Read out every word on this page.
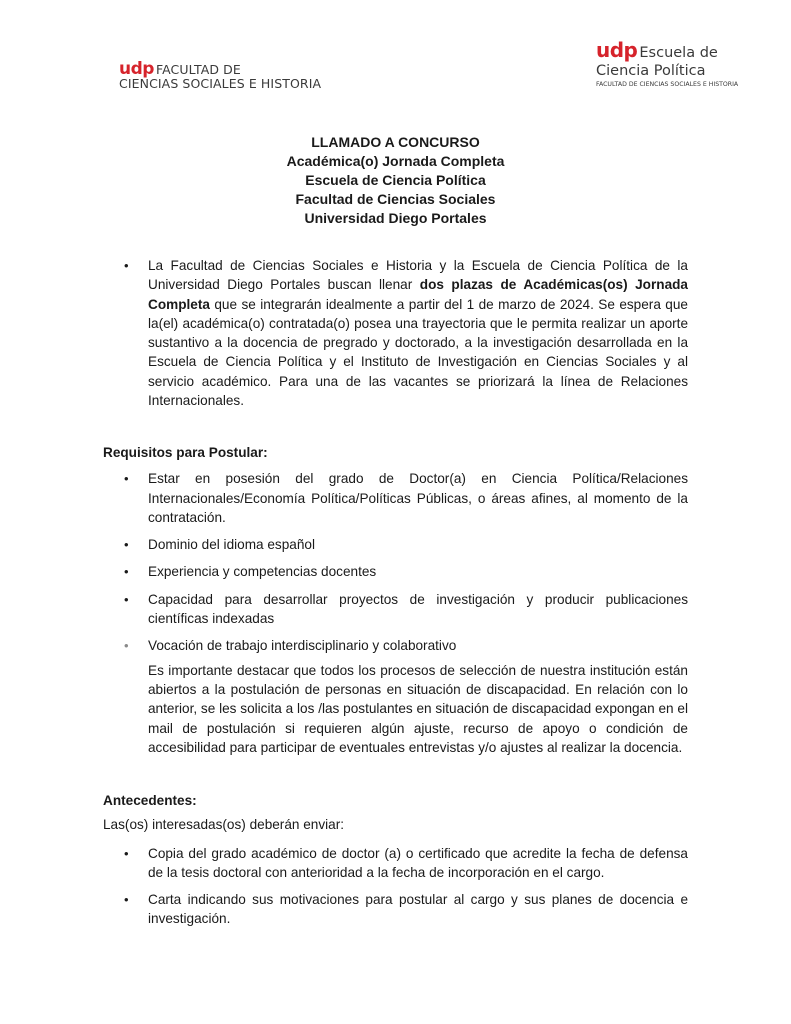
udp FACULTAD DE
CIENCIAS SOCIALES E HISTORIA
udp Escuela de
Ciencia Política
FACULTAD DE CIENCIAS SOCIALES E HISTORIA
LLAMADO A CONCURSO
Académica(o) Jornada Completa
Escuela de Ciencia Política
Facultad de Ciencias Sociales
Universidad Diego Portales
• La Facultad de Ciencias Sociales e Historia y la Escuela de Ciencia Política de la Universidad Diego Portales buscan llenar dos plazas de Académicas(os) Jornada Completa que se integrarán idealmente a partir del 1 de marzo de 2024. Se espera que la(el) académica(o) contratada(o) posea una trayectoria que le permita realizar un aporte sustantivo a la docencia de pregrado y doctorado, a la investigación desarrollada en la Escuela de Ciencia Política y el Instituto de Investigación en Ciencias Sociales y al servicio académico. Para una de las vacantes se priorizará la línea de Relaciones Internacionales.
Requisitos para Postular:
• Estar en posesión del grado de Doctor(a) en Ciencia Política/Relaciones Internacionales/Economía Política/Políticas Públicas, o áreas afines, al momento de la contratación.
• Dominio del idioma español
• Experiencia y competencias docentes
• Capacidad para desarrollar proyectos de investigación y producir publicaciones científicas indexadas
• Vocación de trabajo interdisciplinario y colaborativo
Es importante destacar que todos los procesos de selección de nuestra institución están abiertos a la postulación de personas en situación de discapacidad. En relación con lo anterior, se les solicita a los /las postulantes en situación de discapacidad expongan en el mail de postulación si requieren algún ajuste, recurso de apoyo o condición de accesibilidad para participar de eventuales entrevistas y/o ajustes al realizar la docencia.
Antecedentes:
Las(os) interesadas(os) deberán enviar:
• Copia del grado académico de doctor (a) o certificado que acredite la fecha de defensa de la tesis doctoral con anterioridad a la fecha de incorporación en el cargo.
• Carta indicando sus motivaciones para postular al cargo y sus planes de docencia e investigación.
